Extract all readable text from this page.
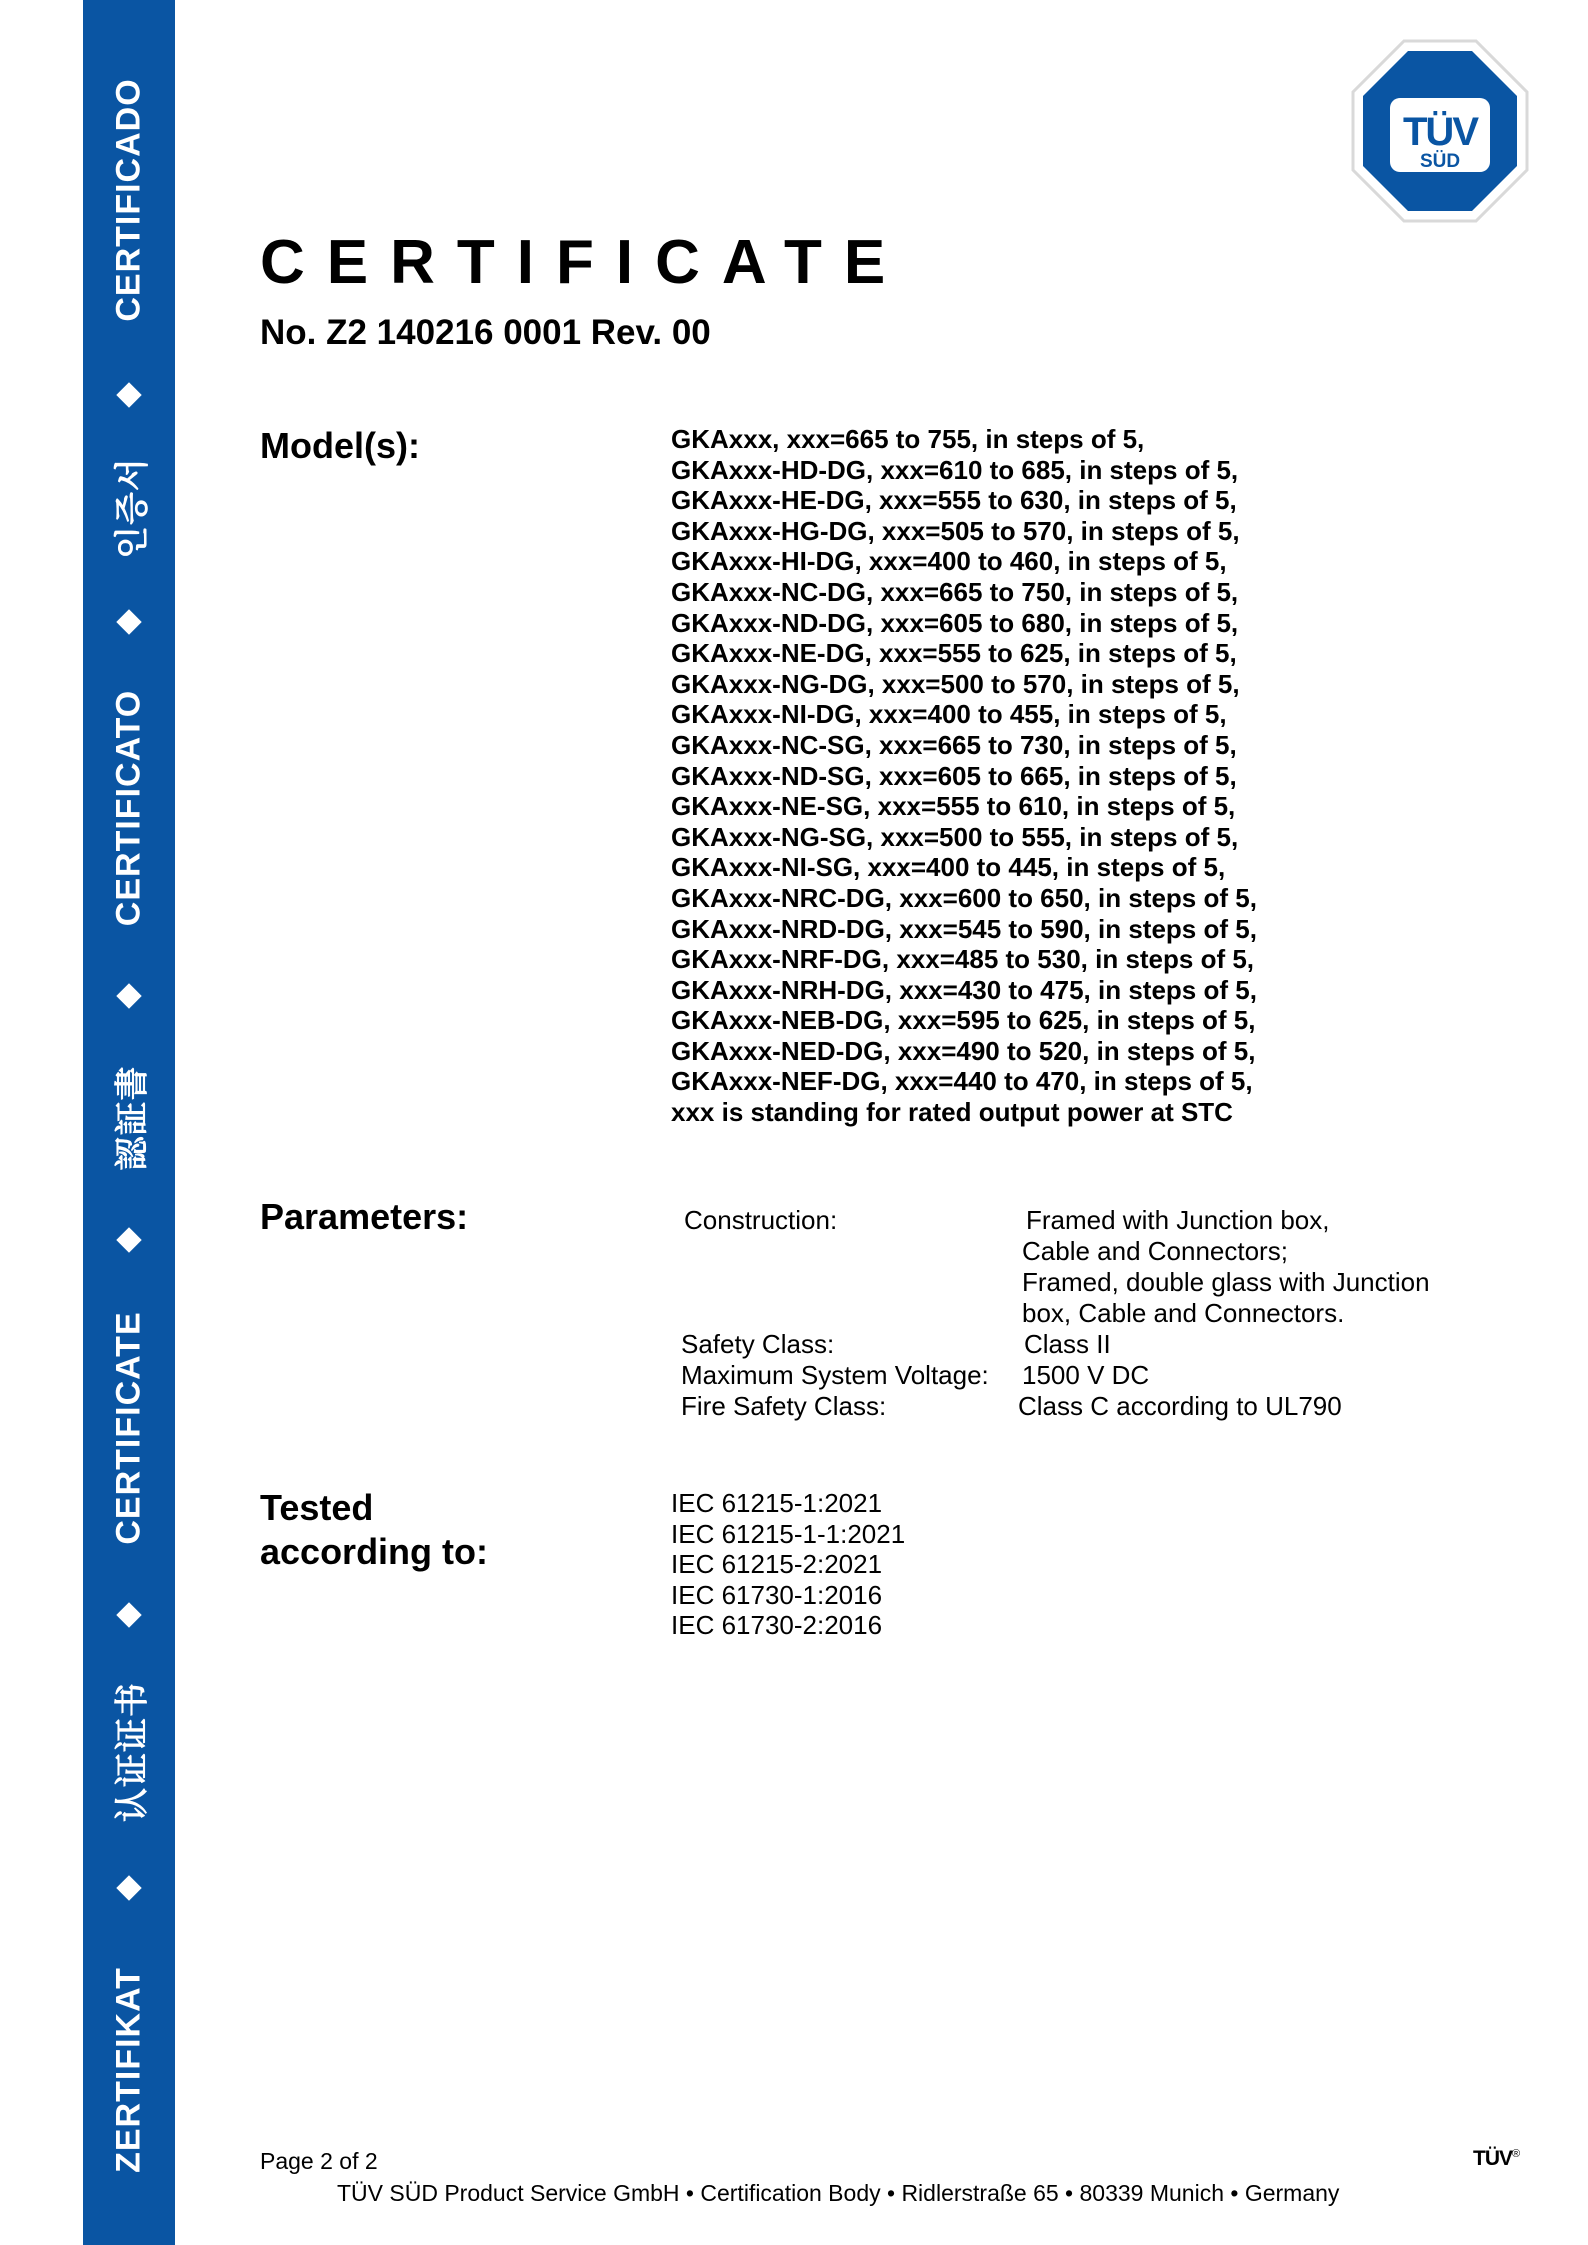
CERTIFICADO
인증서
CERTIFICATO
認証書
CERTIFICATE
认证证书
ZERTIFIKAT
TÜV
SÜD
CERTIFICATE
No. Z2 140216 0001 Rev. 00
Model(s):	GKAxxx, xxx=665 to 755, in steps of 5,
GKAxxx-HD-DG, xxx=610 to 685, in steps of 5,
GKAxxx-HE-DG, xxx=555 to 630, in steps of 5,
GKAxxx-HG-DG, xxx=505 to 570, in steps of 5,
GKAxxx-HI-DG, xxx=400 to 460, in steps of 5,
GKAxxx-NC-DG, xxx=665 to 750, in steps of 5,
GKAxxx-ND-DG, xxx=605 to 680, in steps of 5,
GKAxxx-NE-DG, xxx=555 to 625, in steps of 5,
GKAxxx-NG-DG, xxx=500 to 570, in steps of 5,
GKAxxx-NI-DG, xxx=400 to 455, in steps of 5,
GKAxxx-NC-SG, xxx=665 to 730, in steps of 5,
GKAxxx-ND-SG, xxx=605 to 665, in steps of 5,
GKAxxx-NE-SG, xxx=555 to 610, in steps of 5,
GKAxxx-NG-SG, xxx=500 to 555, in steps of 5,
GKAxxx-NI-SG, xxx=400 to 445, in steps of 5,
GKAxxx-NRC-DG, xxx=600 to 650, in steps of 5,
GKAxxx-NRD-DG, xxx=545 to 590, in steps of 5,
GKAxxx-NRF-DG, xxx=485 to 530, in steps of 5,
GKAxxx-NRH-DG, xxx=430 to 475, in steps of 5,
GKAxxx-NEB-DG, xxx=595 to 625, in steps of 5,
GKAxxx-NED-DG, xxx=490 to 520, in steps of 5,
GKAxxx-NEF-DG, xxx=440 to 470, in steps of 5,
xxx is standing for rated output power at STC
Parameters:	Construction:	Framed with Junction box,
Cable and Connectors;
Framed, double glass with Junction
box, Cable and Connectors.
Safety Class:	Class II
Maximum System Voltage: 1500 V DC
Fire Safety Class:	Class C according to UL790
Tested
according to:
IEC 61215-1:2021
IEC 61215-1-1:2021
IEC 61215-2:2021
IEC 61730-1:2016
IEC 61730-2:2016
Page 2 of 2
TÜV SÜD Product Service GmbH • Certification Body • Ridlerstraße 65 • 80339 Munich • Germany
TÜV®
